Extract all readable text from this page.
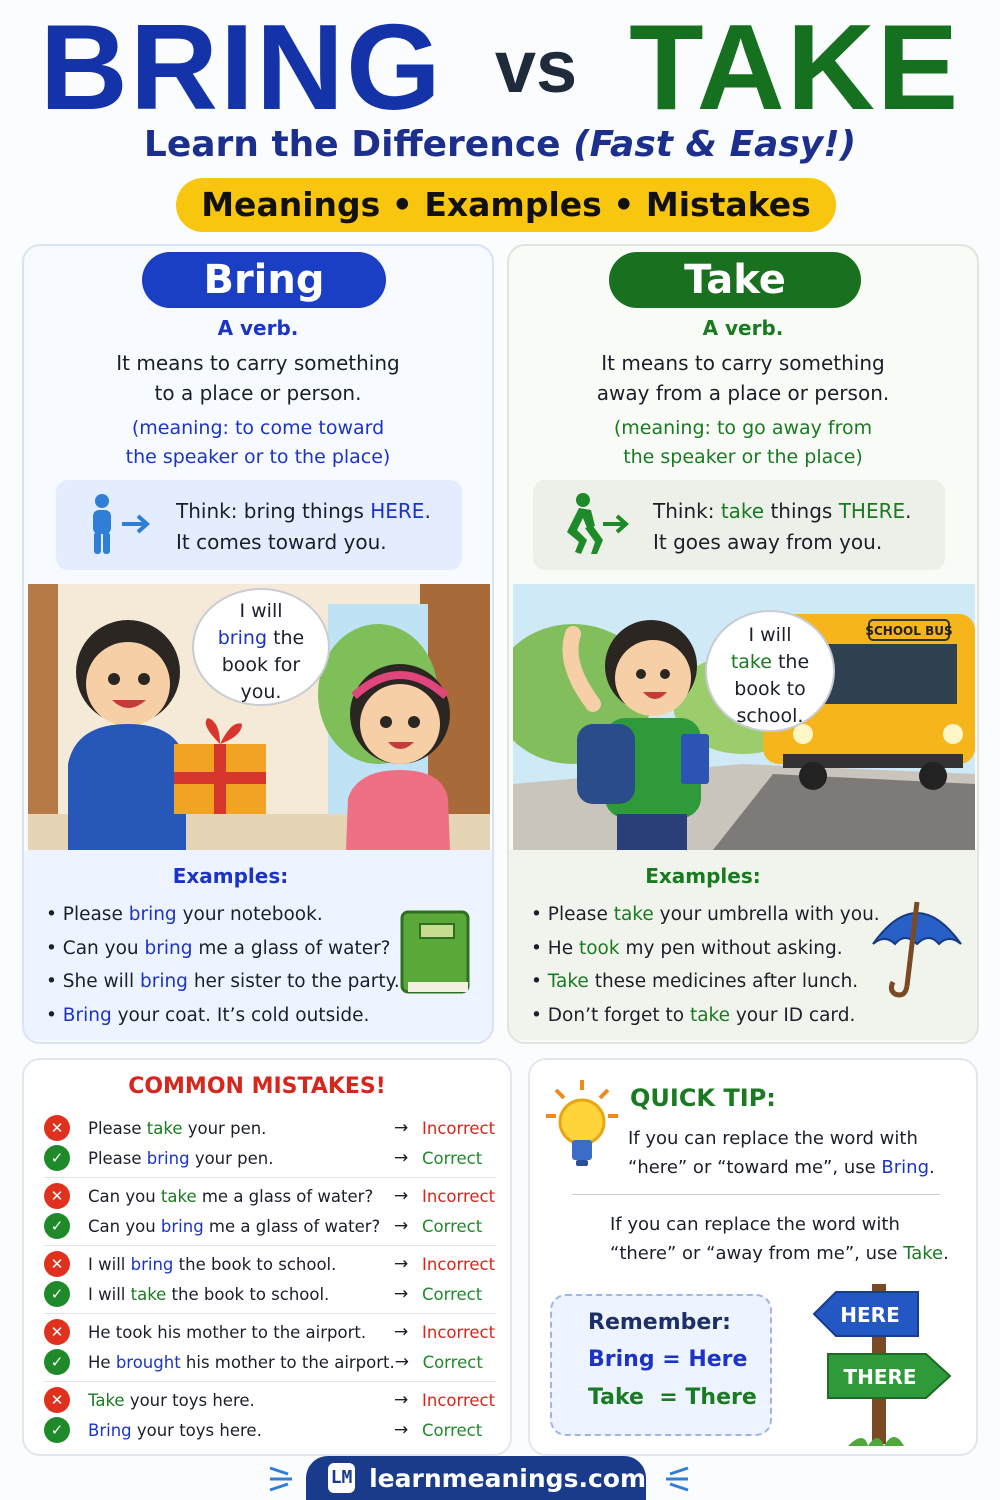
BRING vs TAKE
Learn the Difference (Fast & Easy!)
Meanings • Examples • Mistakes
Bring
A verb.
It means to carry something
to a place or person.
(meaning: to come toward
the speaker or to the place)
Think: bring things HERE.
It comes toward you.
I will
bring the
book for
you.
Examples:
• Please bring your notebook.
• Can you bring me a glass of water?
• She will bring her sister to the party.
• Bring your coat. It’s cold outside.
Take
A verb.
It means to carry something
away from a place or person.
(meaning: to go away from
the speaker or the place)
Think: take things THERE.
It goes away from you.
SCHOOL BUS
I will
take the
book to
school.
Examples:
• Please take your umbrella with you.
• He took my pen without asking.
• Take these medicines after lunch.
• Don’t forget to take your ID card.
COMMON MISTAKES!
✕	Please take your pen.	→ Incorrect
✓	Please bring your pen.	→ Correct
✕	Can you take me a glass of water?	→ Incorrect
✓	Can you bring me a glass of water? → Correct
✕	I will bring the book to school.	→ Incorrect
✓	I will take the book to school.	→ Correct
✕	He took his mother to the airport.	→ Incorrect
✓	He brought his mother to the airport. → Correct
✕	Take your toys here.	→ Incorrect
✓	Bring your toys here.	→ Correct
QUICK TIP:
If you can replace the word with
“here” or “toward me”, use Bring.
If you can replace the word with
“there” or “away from me”, use Take.
Remember:
Bring = Here
Take  = There
HERE
THERE
LM learnmeanings.com
